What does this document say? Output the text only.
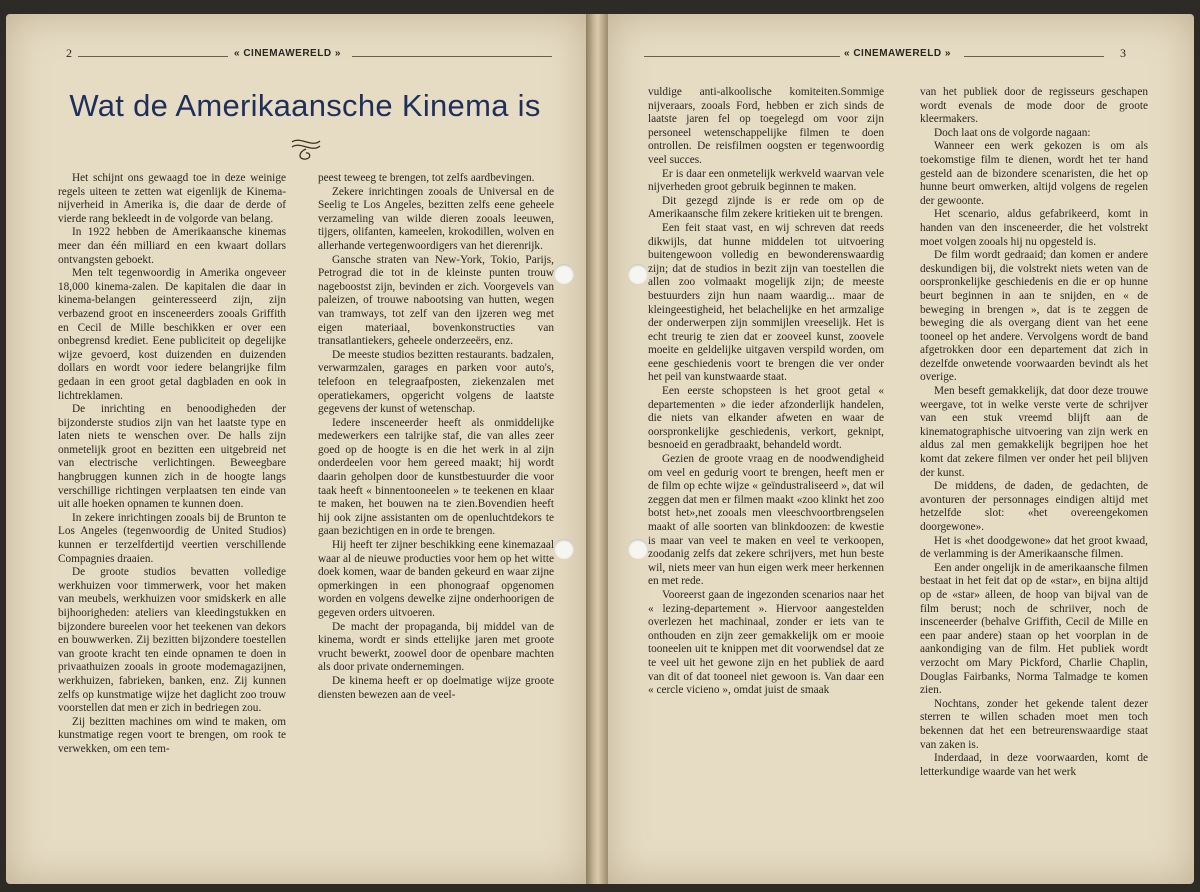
2	« CINEMAWERELD »
Wat de Amerikaansche Kinema is

Het schijnt ons gewaagd toe in deze weinige regels uiteen te zetten wat eigenlijk de Kinema-nijverheid in Amerika is, die daar de derde of vierde rang bekleedt in de volgorde van belang.

In 1922 hebben de Amerikaansche kinemas meer dan één milliard en een kwaart dollars ontvangsten geboekt.

Men telt tegenwoordig in Amerika ongeveer 18,000 kinema-zalen. De kapitalen die daar in kinema-belangen geinteresseerd zijn, zijn verbazend groot en insceneerders zooals Griffith en Cecil de Mille beschikken er over een onbegrensd krediet. Eene publiciteit op degelijke wijze gevoerd, kost duizenden en duizenden dollars en wordt voor iedere belangrijke film gedaan in een groot getal dagbladen en ook in lichtreklamen.

De inrichting en benoodigheden der bijzonderste studios zijn van het laatste type en laten niets te wenschen over. De halls zijn onmetelijk groot en bezitten een uitgebreid net van electrische verlichtingen. Beweegbare hangbruggen kunnen zich in de hoogte langs verschillige richtingen verplaatsen ten einde van uit alle hoeken opnamen te kunnen doen.

In zekere inrichtingen zooals bij de Brunton te Los Angeles (tegenwoordig de United Studios) kunnen er terzelfdertijd veertien verschillende Compagnies draaien.

De groote studios bevatten volledige werkhuizen voor timmerwerk, voor het maken van meubels, werkhuizen voor smidskerk en alle bijhoorigheden: ateliers van kleedingstukken en bijzondere bureelen voor het teekenen van dekors en bouwwerken. Zij bezitten bijzondere toestellen van groote kracht ten einde opnamen te doen in privaathuizen zooals in groote modemagazijnen, werkhuizen, fabrieken, banken, enz. Zij kunnen zelfs op kunstmatige wijze het daglicht zoo trouw voorstellen dat men er zich in bedriegen zou.

Zij bezitten machines om wind te maken, om kunstmatige regen voort te brengen, om rook te verwekken, om een tem-

peest teweeg te brengen, tot zelfs aardbevingen.

Zekere inrichtingen zooals de Universal en de Seelig te Los Angeles, bezitten zelfs eene geheele verzameling van wilde dieren zooals leeuwen, tijgers, olifanten, kameelen, krokodillen, wolven en allerhande vertegenwoordigers van het dierenrijk.

Gansche straten van New-York, Tokio, Parijs, Petrograd die tot in de kleinste punten trouw nageboostst zijn, bevinden er zich. Voorgevels van paleizen, of trouwe nabootsing van hutten, wegen van tramways, tot zelf van den ijzeren weg met eigen materiaal, bovenkonstructies van transatlantiekers, geheele onderzeeërs, enz.

De meeste studios bezitten restaurants. badzalen, verwarmzalen, garages en parken voor auto's, telefoon en telegraafposten, ziekenzalen met operatiekamers, opgericht volgens de laatste gegevens der kunst of wetenschap.

Iedere insceneerder heeft als onmiddelijke medewerkers een talrijke staf, die van alles zeer goed op de hoogte is en die het werk in al zijn onderdeelen voor hem gereed maakt; hij wordt daarin geholpen door de kunstbestuurder die voor taak heeft « binnentooneelen » te teekenen en klaar te maken, het bouwen na te zien.Bovendien heeft hij ook zijne assistanten om de openluchtdekors te gaan bezichtigen en in orde te brengen.

Hij heeft ter zijner beschikking eene kinemazaal waar al de nieuwe producties voor hem op het witte doek komen, waar de banden gekeurd en waar zijne opmerkingen in een phonograaf opgenomen worden en volgens dewelke zijne onderhoorigen de gegeven orders uitvoeren.

De macht der propaganda, bij middel van de kinema, wordt er sinds ettelijke jaren met groote vrucht bewerkt, zoowel door de openbare machten als door private ondernemingen.

De kinema heeft er op doelmatige wijze groote diensten bewezen aan de veel-

« CINEMAWERELD »	3

vuldige anti-alkoolische komiteiten.Sommige nijveraars, zooals Ford, hebben er zich sinds de laatste jaren fel op toegelegd om voor zijn personeel wetenschappelijke filmen te doen ontrollen. De reisfilmen oogsten er tegenwoordig veel succes.

Er is daar een onmetelijk werkveld waarvan vele nijverheden groot gebruik beginnen te maken.

Dit gezegd zijnde is er rede om op de Amerikaansche film zekere kritieken uit te brengen.

Een feit staat vast, en wij schreven dat reeds dikwijls, dat hunne middelen tot uitvoering buitengewoon volledig en bewonderenswaardig zijn; dat de studios in bezit zijn van toestellen die allen zoo volmaakt mogelijk zijn; de meeste bestuurders zijn hun naam waardig... maar de kleingeestigheid, het belachelijke en het armzalige der onderwerpen zijn sommijlen vreeselijk. Het is echt treurig te zien dat er zooveel kunst, zoovele moeite en geldelijke uitgaven verspild worden, om eene geschiedenis voort te brengen die ver onder het peil van kunstwaarde staat.

Een eerste schopsteen is het groot getal « departementen » die ieder afzonderlijk handelen, die niets van elkander afweten en waar de oorspronkelijke geschiedenis, verkort, geknipt, besnoeid en geradbraakt, behandeld wordt.

Gezien de groote vraag en de noodwendigheid om veel en gedurig voort te brengen, heeft men er de film op echte wijze « geïndustraliseerd », dat wil zeggen dat men er filmen maakt «zoo klinkt het zoo botst het»,net zooals men vleeschvoortbrengselen maakt of alle soorten van blinkdoozen: de kwestie is maar van veel te maken en veel te verkoopen, zoodanig zelfs dat zekere schrijvers, met hun beste wil, niets meer van hun eigen werk meer herkennen en met rede.

Vooreerst gaan de ingezonden scenarios naar het « lezing-departement ». Hiervoor aangestelden overlezen het machinaal, zonder er iets van te onthouden en zijn zeer gemakkelijk om er mooie tooneelen uit te knippen met dit voorwendsel dat ze te veel uit het gewone zijn en het publiek de aard van dit of dat tooneel niet gewoon is. Van daar een « cercle vicieno », omdat juist de smaak

van het publiek door de regisseurs geschapen wordt evenals de mode door de groote kleermakers.

Doch laat ons de volgorde nagaan:

Wanneer een werk gekozen is om als toekomstige film te dienen, wordt het ter hand gesteld aan de bizondere scenaristen, die het op hunne beurt omwerken, altijd volgens de regelen der gewoonte.

Het scenario, aldus gefabrikeerd, komt in handen van den insceneerder, die het volstrekt moet volgen zooals hij nu opgesteld is.

De film wordt gedraaid; dan komen er andere deskundigen bij, die volstrekt niets weten van de oorspronkelijke geschiedenis en die er op hunne beurt beginnen in aan te snijden, en « de beweging in brengen », dat is te zeggen de beweging die als overgang dient van het eene tooneel op het andere. Vervolgens wordt de band afgetrokken door een departement dat zich in dezelfde onwetende voorwaarden bevindt als het overige.

Men beseft gemakkelijk, dat door deze trouwe weergave, tot in welke verste verte de schrijver van een stuk vreemd blijft aan de kinematographische uitvoering van zijn werk en aldus zal men gemakkelijk begrijpen hoe het komt dat zekere filmen ver onder het peil blijven der kunst.

De middens, de daden, de gedachten, de avonturen der personnages eindigen altijd met hetzelfde slot: «het overeengekomen doorgewone».

Het is «het doodgewone» dat het groot kwaad, de verlamming is der Amerikaansche filmen.

Een ander ongelijk in de amerikaansche filmen bestaat in het feit dat op de «star», en bijna altijd op de «star» alleen, de hoop van bijval van de film berust; noch de schriiver, noch de insceneerder (behalve Griffith, Cecil de Mille en een paar andere) staan op het voorplan in de aankondiging van de film. Het publiek wordt verzocht om Mary Pickford, Charlie Chaplin, Douglas Fairbanks, Norma Talmadge te komen zien.

Nochtans, zonder het gekende talent dezer sterren te willen schaden moet men toch bekennen dat het een betreurenswaardige staat van zaken is.

Inderdaad, in deze voorwaarden, komt de letterkundige waarde van het werk
